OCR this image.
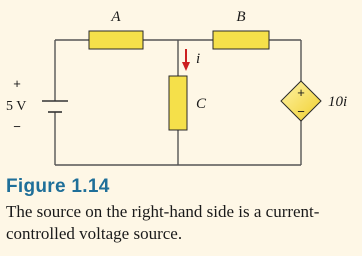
A	B
C
i
+
5 V
−
+
−
10i

Figure 1.14

The source on the right-hand side is a current-controlled voltage source.
